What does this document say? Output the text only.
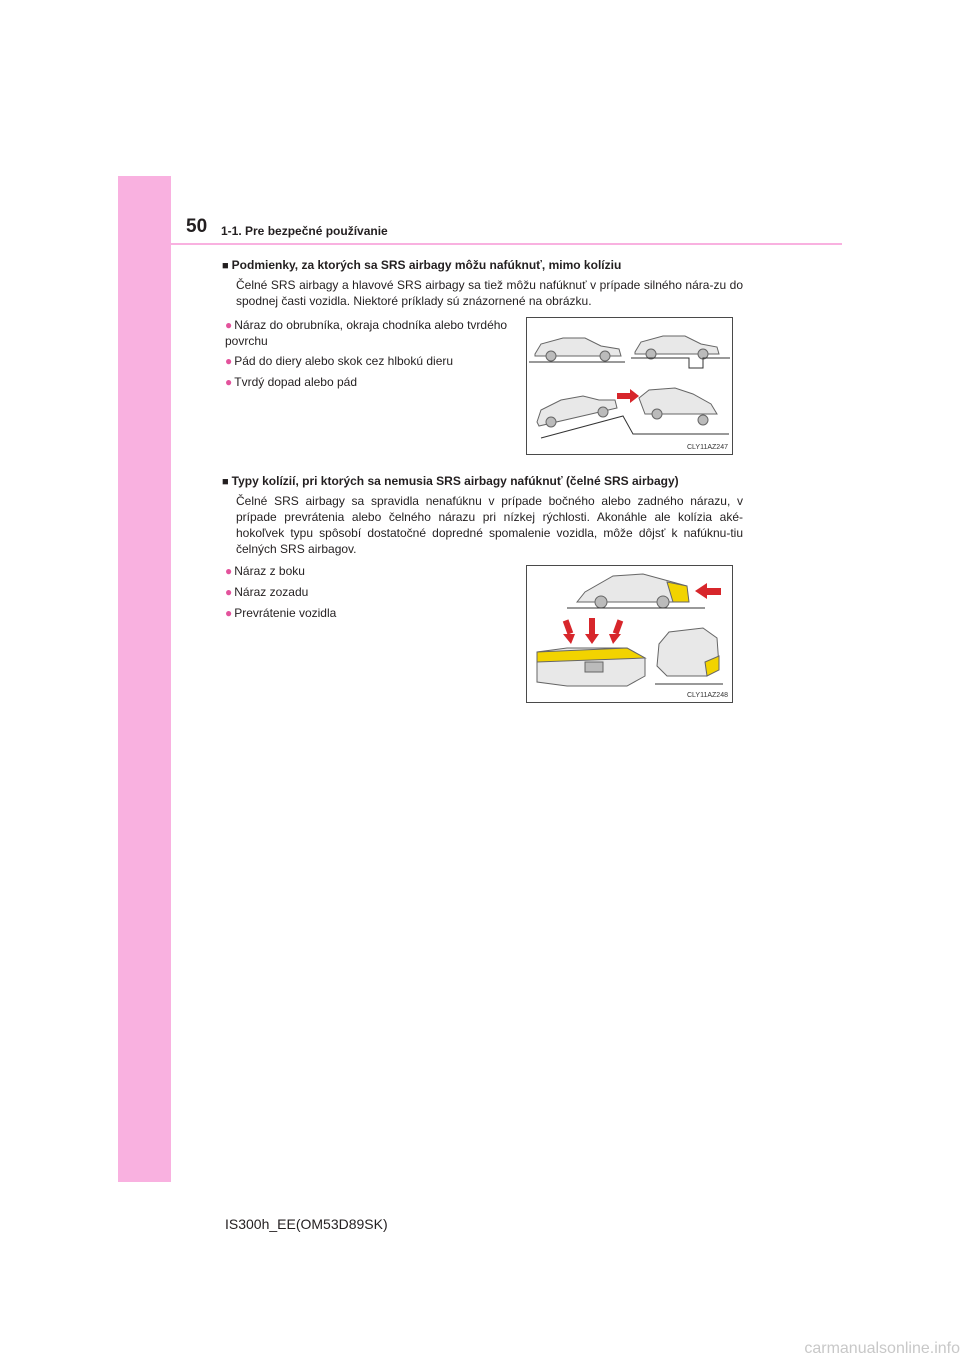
50 1-1. Pre bezpečné používanie
■ Podmienky, za ktorých sa SRS airbagy môžu nafúknuť, mimo kolíziu

Čelné SRS airbagy a hlavové SRS airbagy sa tiež môžu nafúknuť v prípade silného nára-zu do spodnej časti vozidla. Niektoré príklady sú znázornené na obrázku.

● Náraz do obrubníka, okraja chodníka alebo tvrdého povrchu
● Pád do diery alebo skok cez hlbokú dieru
● Tvrdý dopad alebo pád
CLY11AZ247
■ Typy kolízií, pri ktorých sa nemusia SRS airbagy nafúknuť (čelné SRS airbagy)

Čelné SRS airbagy sa spravidla nenafúknu v prípade bočného alebo zadného nárazu, v prípade prevrátenia alebo čelného nárazu pri nízkej rýchlosti. Akonáhle ale kolízia aké-hokoľvek typu spôsobí dostatočné dopredné spomalenie vozidla, môže dôjsť k nafúknu-tiu čelných SRS airbagov.

● Náraz z boku
● Náraz zozadu
● Prevrátenie vozidla
CLY11AZ248
IS300h_EE(OM53D89SK)
carmanualsonline.info
